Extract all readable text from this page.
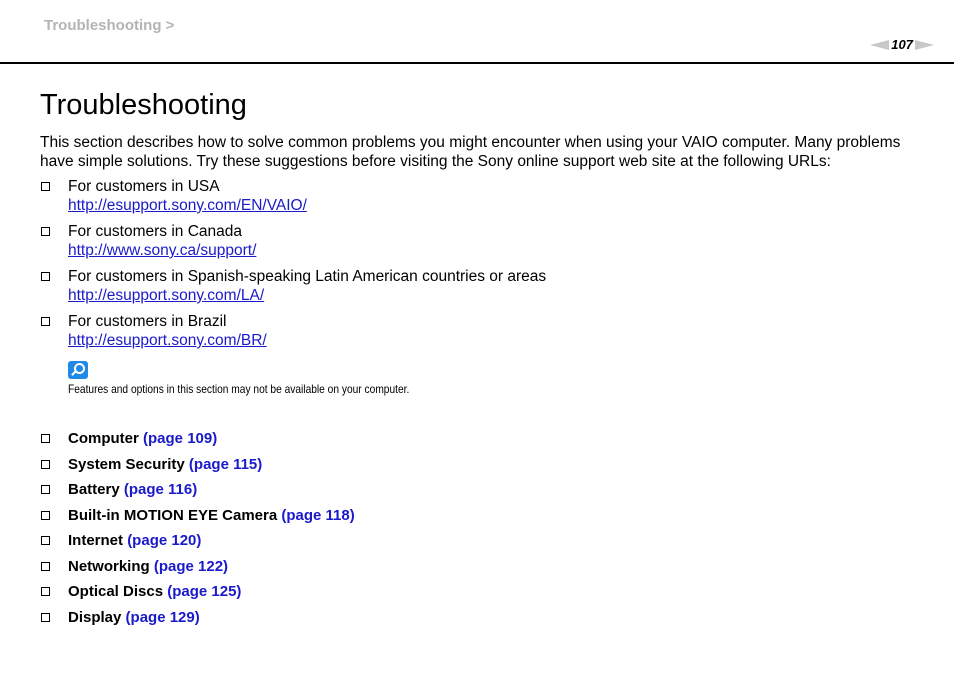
Troubleshooting >
107
Troubleshooting

This section describes how to solve common problems you might encounter when using your VAIO computer. Many problems have simple solutions. Try these suggestions before visiting the Sony online support web site at the following URLs:

For customers in USA
http://esupport.sony.com/EN/VAIO/
For customers in Canada
http://www.sony.ca/support/
For customers in Spanish-speaking Latin American countries or areas
http://esupport.sony.com/LA/
For customers in Brazil
http://esupport.sony.com/BR/
Features and options in this section may not be available on your computer.
Computer (page 109)
System Security (page 115)
Battery (page 116)
Built-in MOTION EYE Camera (page 118)
Internet (page 120)
Networking (page 122)
Optical Discs (page 125)
Display (page 129)
